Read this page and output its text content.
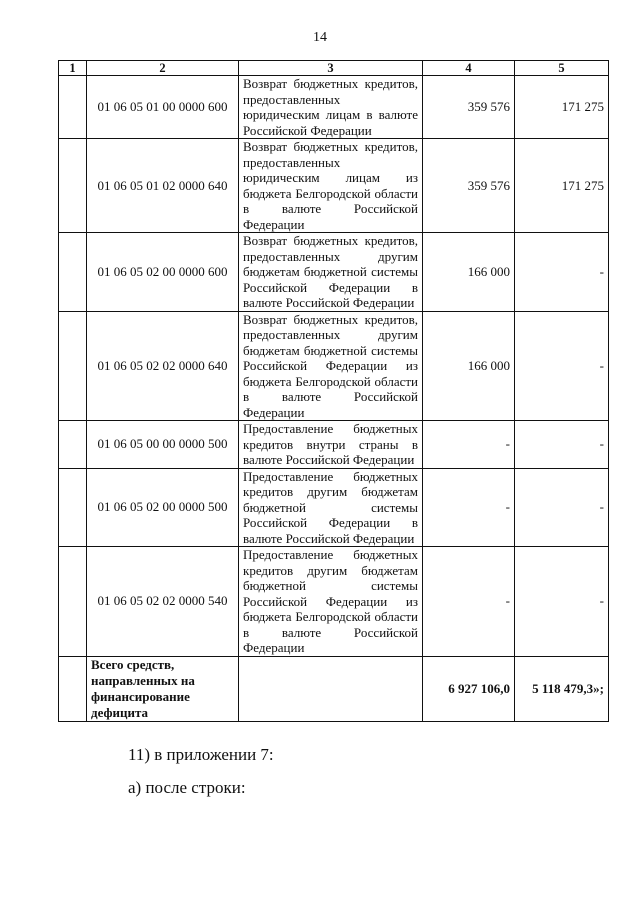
14
1	2	3	4	5
	01 06 05 01 00 0000 600	Возврат бюджетных кредитов, предоставленных юридическим лицам в валюте Российской Федерации	359 576	171 275
	01 06 05 01 02 0000 640	Возврат бюджетных кредитов, предоставленных юридическим лицам из бюджета Белгородской области в валюте Российской Федерации	359 576	171 275
	01 06 05 02 00 0000 600	Возврат бюджетных кредитов, предоставленных другим бюджетам бюджетной системы Российской Федерации в валюте Российской Федерации	166 000	-
	01 06 05 02 02 0000 640	Возврат бюджетных кредитов, предоставленных другим бюджетам бюджетной системы Российской Федерации из бюджета Белгородской области в валюте Российской Федерации	166 000	-
	01 06 05 00 00 0000 500	Предоставление бюджетных кредитов внутри страны в валюте Российской Федерации	-	-
	01 06 05 02 00 0000 500	Предоставление бюджетных кредитов другим бюджетам бюджетной системы Российской Федерации в валюте Российской Федерации	-	-
	01 06 05 02 02 0000 540	Предоставление бюджетных кредитов другим бюджетам бюджетной системы Российской Федерации из бюджета Белгородской области в валюте Российской Федерации	-	-
	Всего средств, направленных на финансирование дефицита		6 927 106,0	5 118 479,3»;
11) в приложении 7:
а) после строки:
